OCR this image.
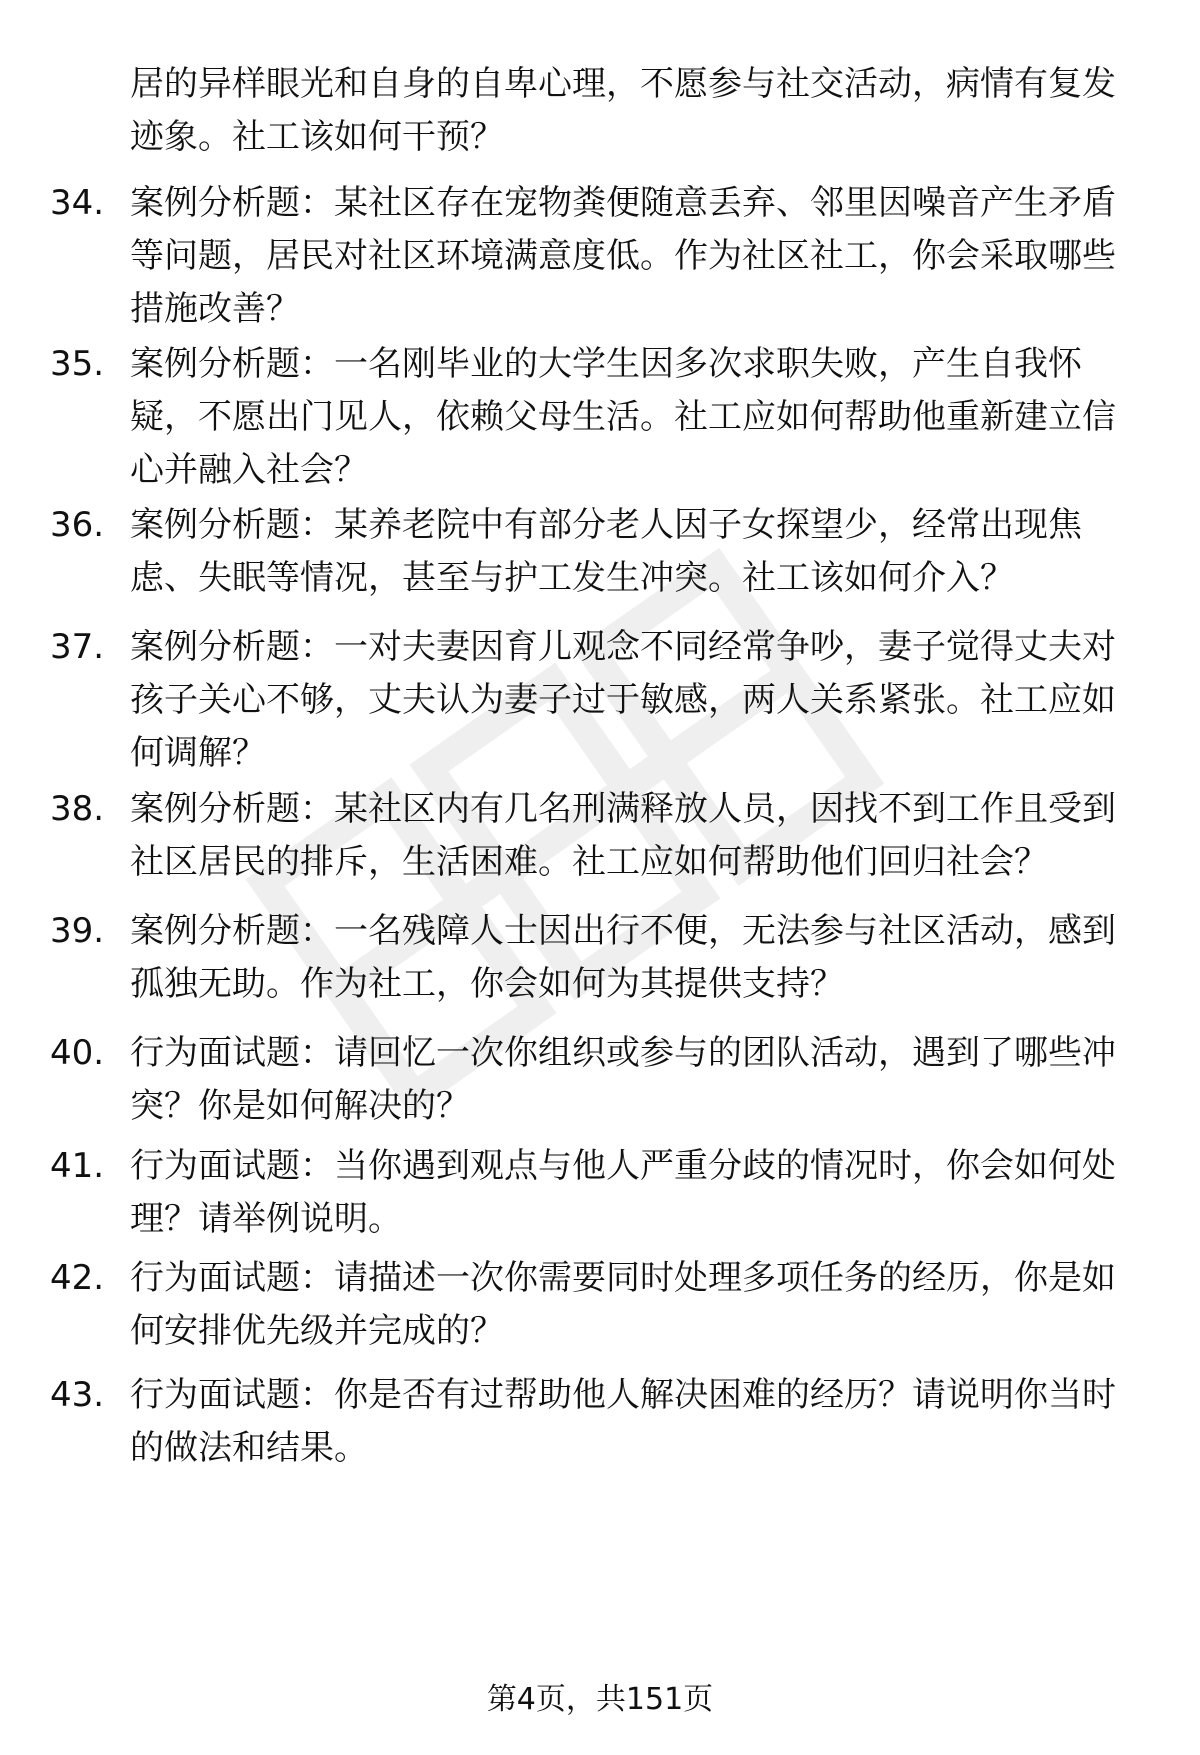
居的异样眼光和自身的自卑心理，不愿参与社交活动，病情有复发迹象。社工该如何干预？
34. 案例分析题：某社区存在宠物粪便随意丢弃、邻里因噪音产生矛盾等问题，居民对社区环境满意度低。作为社区社工，你会采取哪些措施改善？
35. 案例分析题：一名刚毕业的大学生因多次求职失败，产生自我怀疑，不愿出门见人，依赖父母生活。社工应如何帮助他重新建立信心并融入社会？
36. 案例分析题：某养老院中有部分老人因子女探望少，经常出现焦虑、失眠等情况，甚至与护工发生冲突。社工该如何介入？
37. 案例分析题：一对夫妻因育儿观念不同经常争吵，妻子觉得丈夫对孩子关心不够，丈夫认为妻子过于敏感，两人关系紧张。社工应如何调解？
38. 案例分析题：某社区内有几名刑满释放人员，因找不到工作且受到社区居民的排斥，生活困难。社工应如何帮助他们回归社会？
39. 案例分析题：一名残障人士因出行不便，无法参与社区活动，感到孤独无助。作为社工，你会如何为其提供支持？
40. 行为面试题：请回忆一次你组织或参与的团队活动，遇到了哪些冲突？你是如何解决的？
41. 行为面试题：当你遇到观点与他人严重分歧的情况时，你会如何处理？请举例说明。
42. 行为面试题：请描述一次你需要同时处理多项任务的经历，你是如何安排优先级并完成的？
43. 行为面试题：你是否有过帮助他人解决困难的经历？请说明你当时的做法和结果。
第4页，共151页
